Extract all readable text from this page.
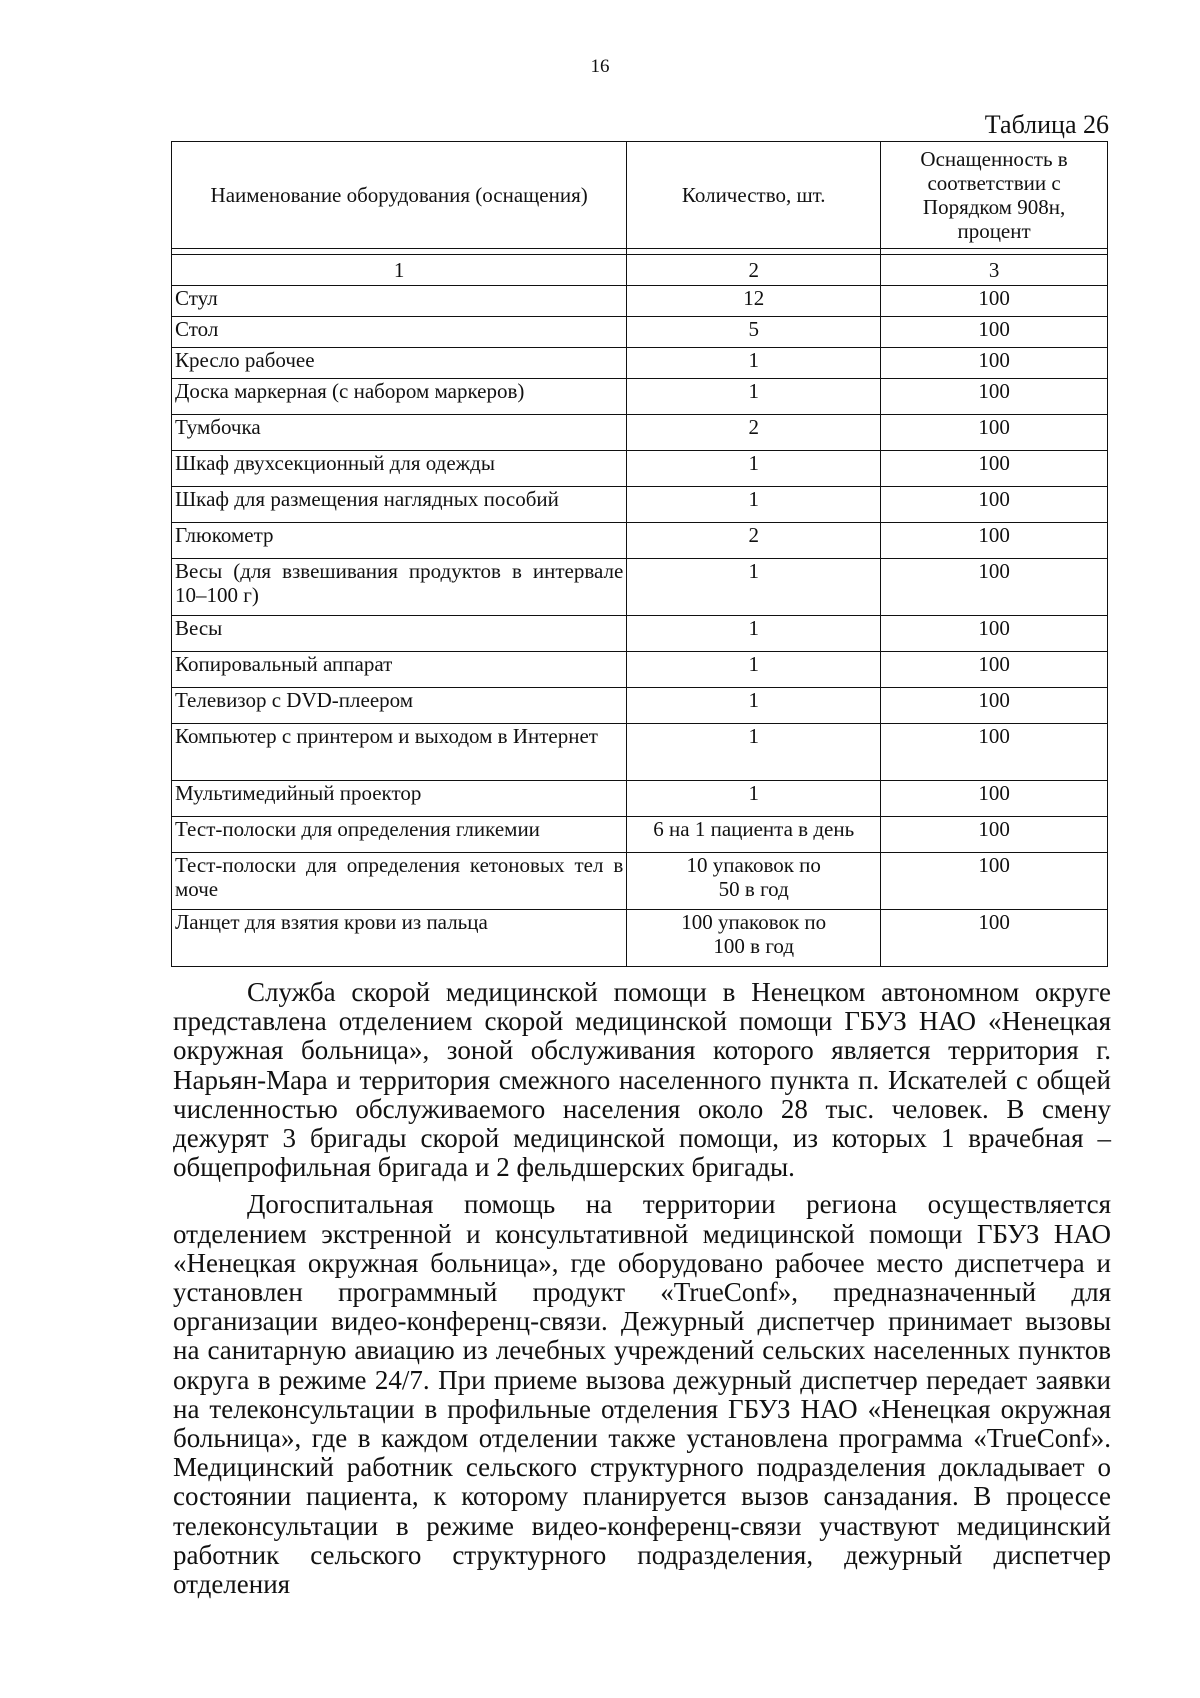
16
Таблица 26
Наименование оборудования (оснащения)	Количество, шт.	Оснащенность в соответствии с Порядком 908н, процент

1	2	3
Стул	12	100
Стол	5	100
Кресло рабочее	1	100
Доска маркерная (с набором маркеров)	1	100
Тумбочка	2	100
Шкаф двухсекционный для одежды	1	100
Шкаф для размещения наглядных пособий	1	100
Глюкометр	2	100
Весы (для взвешивания продуктов в интервале 10–100 г)	1	100
Весы	1	100
Копировальный аппарат	1	100
Телевизор с DVD-плеером	1	100
Компьютер с принтером и выходом в Интернет	1	100
Мультимедийный проектор	1	100
Тест-полоски для определения гликемии	6 на 1 пациента в день	100
Тест-полоски для определения кетоновых тел в моче	10 упаковок по 50 в год	100
Ланцет для взятия крови из пальца	100 упаковок по 100 в год	100

Служба скорой медицинской помощи в Ненецком автономном округе представлена отделением скорой медицинской помощи ГБУЗ НАО «Ненецкая окружная больница», зоной обслуживания которого является территория г. Нарьян-Мара и территория смежного населенного пункта п. Искателей с общей численностью обслуживаемого населения около 28 тыс. человек. В смену дежурят 3 бригады скорой медицинской помощи, из которых 1 врачебная – общепрофильная бригада и 2 фельдшерских бригады.

Догоспитальная помощь на территории региона осуществляется отделением экстренной и консультативной медицинской помощи ГБУЗ НАО «Ненецкая окружная больница», где оборудовано рабочее место диспетчера и установлен программный продукт «TrueConf», предназначенный для организации видео-конференц-связи. Дежурный диспетчер принимает вызовы на санитарную авиацию из лечебных учреждений сельских населенных пунктов округа в режиме 24/7. При приеме вызова дежурный диспетчер передает заявки на телеконсультации в профильные отделения ГБУЗ НАО «Ненецкая окружная больница», где в каждом отделении также установлена программа «TrueConf». Медицинский работник сельского структурного подразделения докладывает о состоянии пациента, к которому планируется вызов санзадания. В процессе телеконсультации в режиме видео-конференц-связи участвуют медицинский работник сельского структурного подразделения, дежурный диспетчер отделения
